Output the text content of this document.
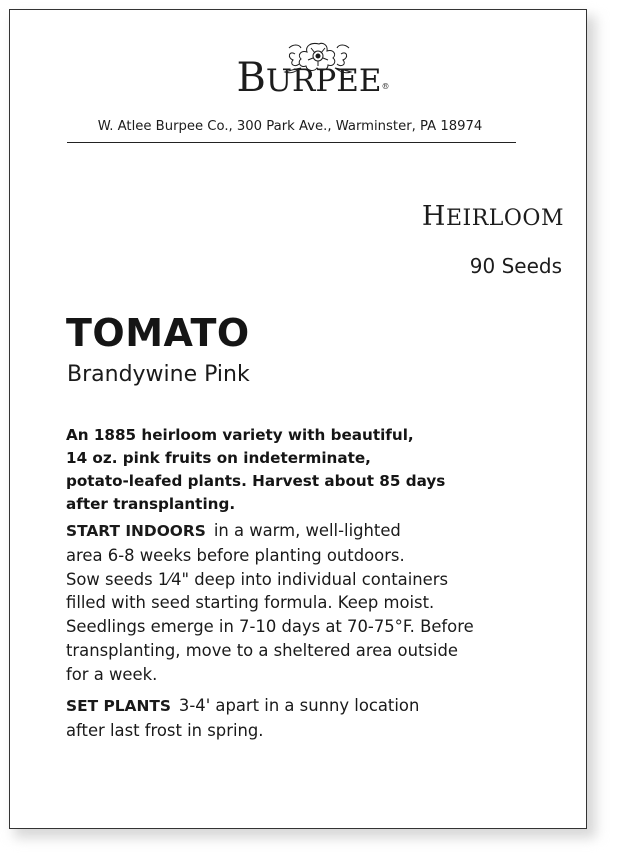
BURPEE®
W. Atlee Burpee Co., 300 Park Ave., Warminster, PA 18974
HEIRLOOM
90 Seeds
TOMATO
Brandywine Pink
An 1885 heirloom variety with beautiful,
14 oz. pink fruits on indeterminate,
potato-leafed plants. Harvest about 85 days
after transplanting.
START INDOORS in a warm, well-lighted
area 6-8 weeks before planting outdoors.
Sow seeds 1⁄4" deep into individual containers
filled with seed starting formula. Keep moist.
Seedlings emerge in 7-10 days at 70-75°F. Before
transplanting, move to a sheltered area outside
for a week.
SET PLANTS 3-4' apart in a sunny location
after last frost in spring.
